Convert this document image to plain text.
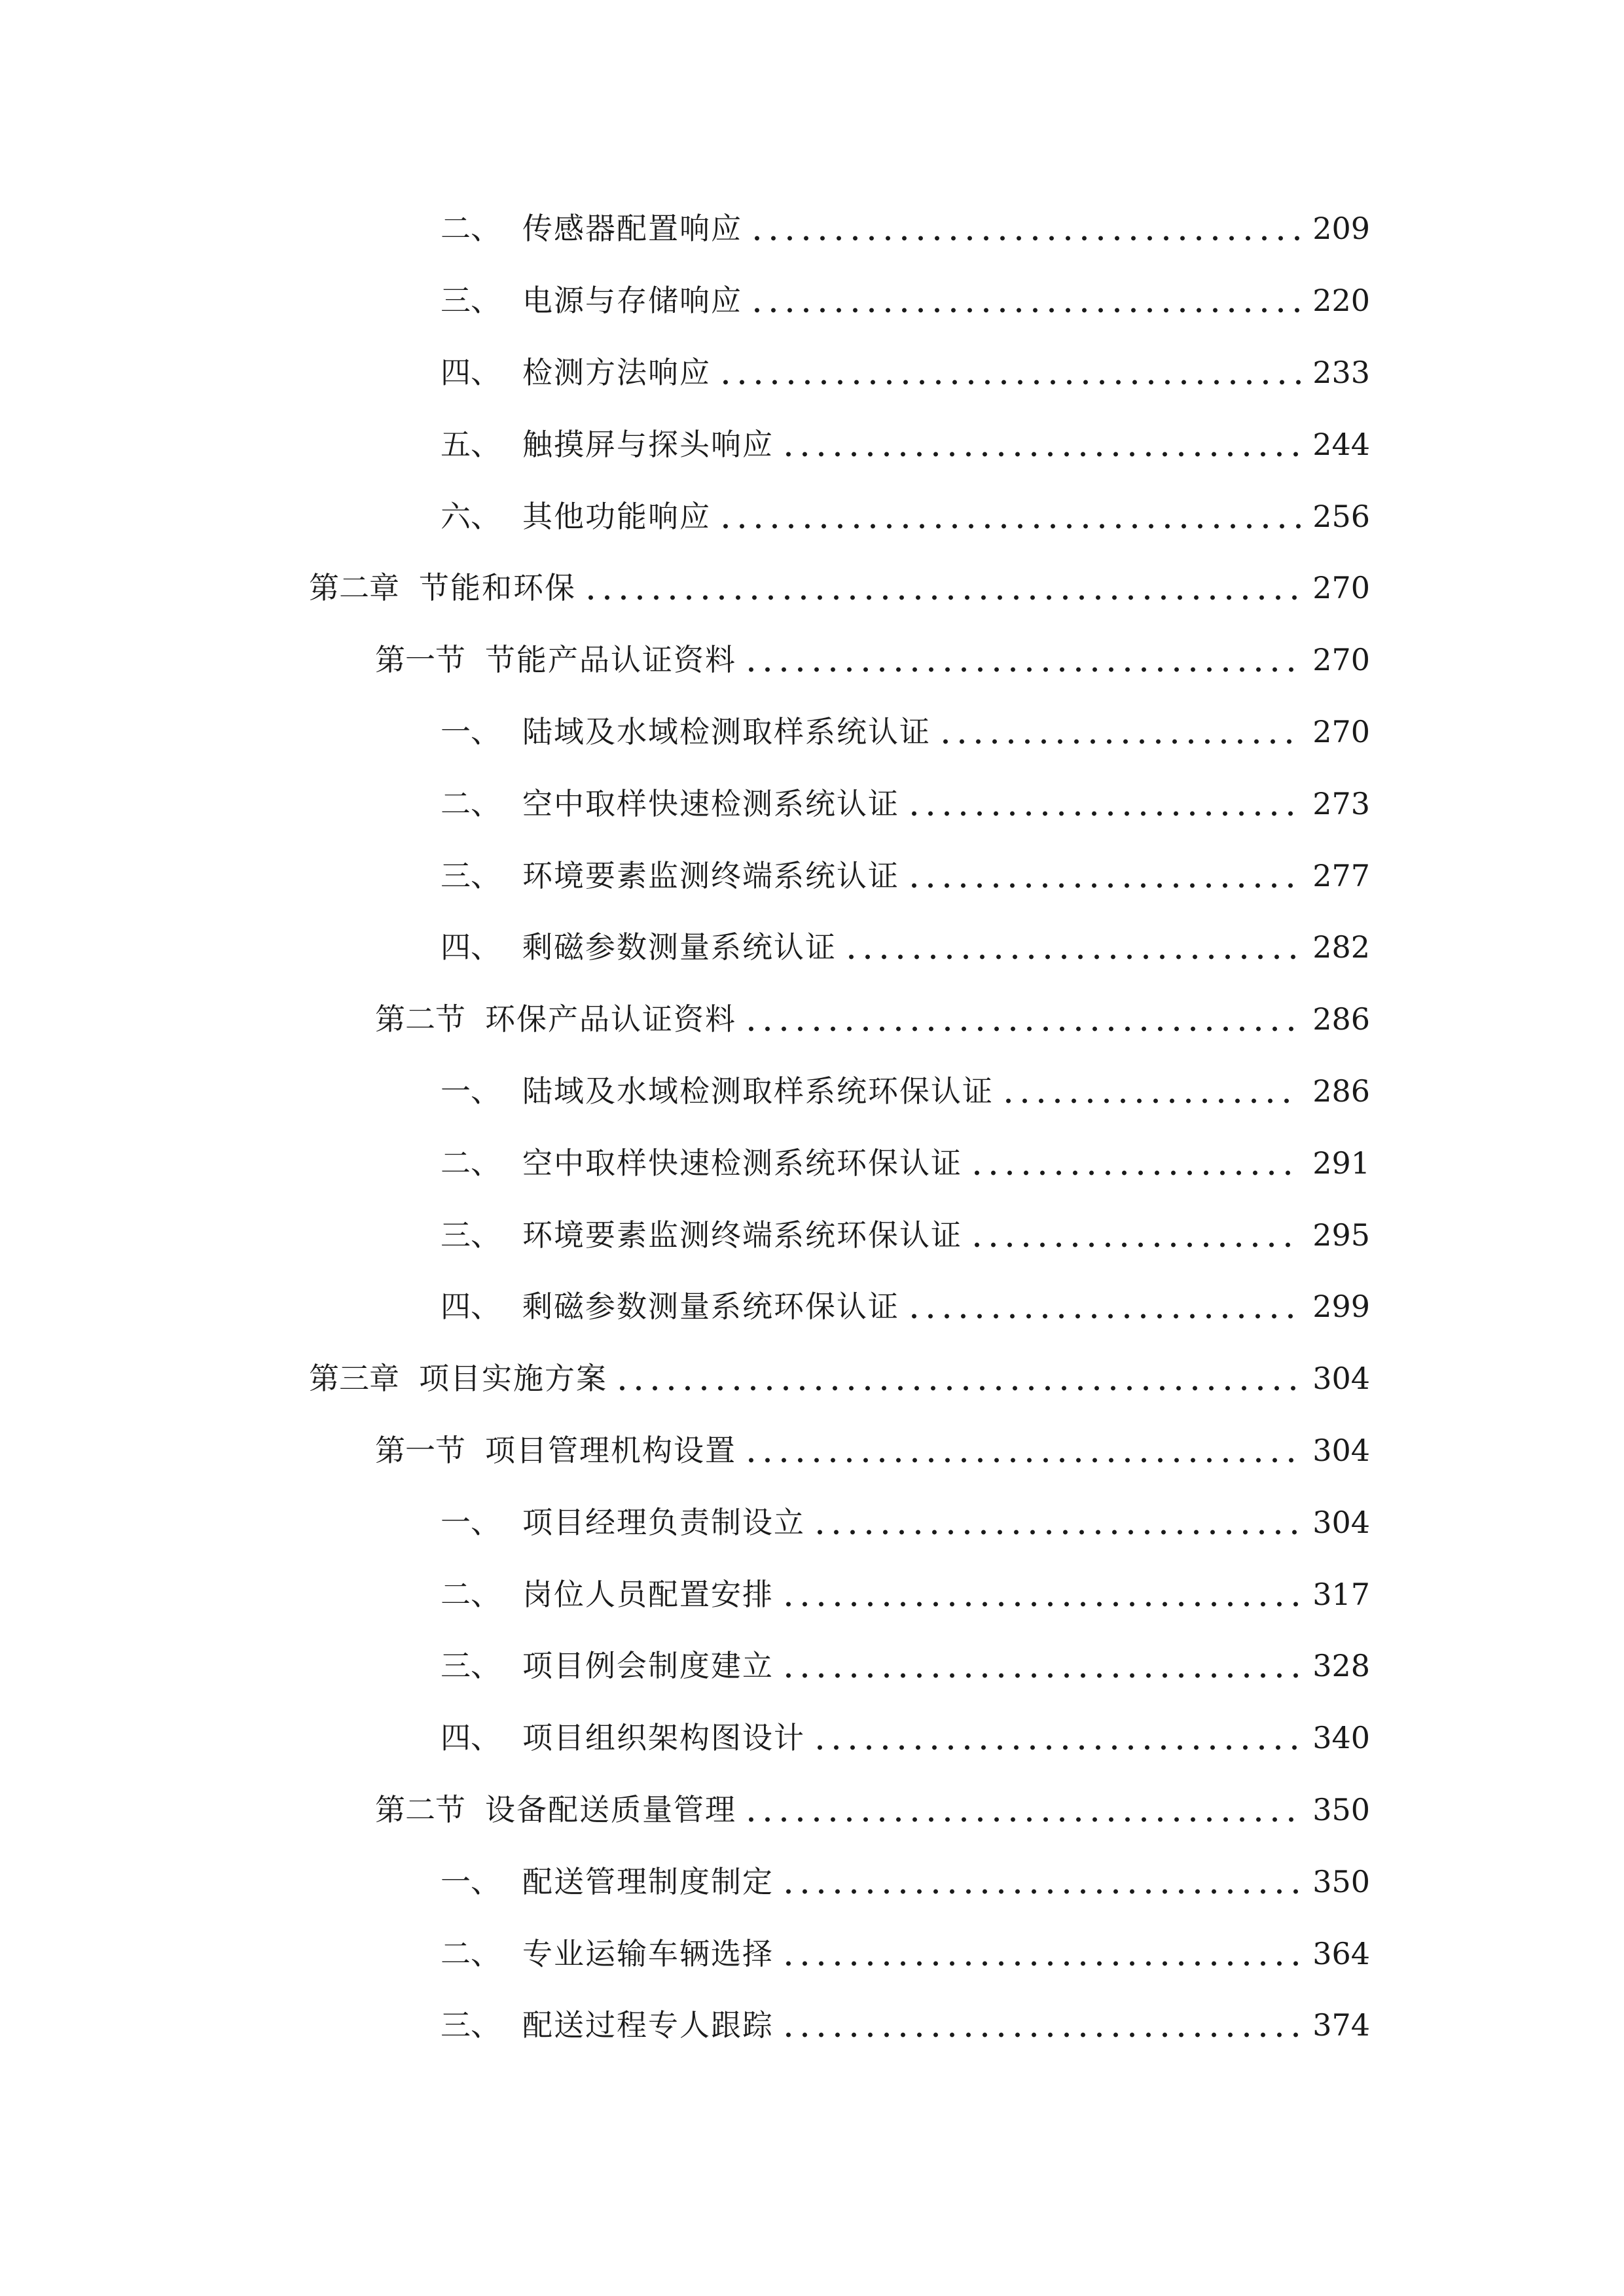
二、 传感器配置响应	209
三、 电源与存储响应	220
四、 检测方法响应	233
五、 触摸屏与探头响应	244
六、 其他功能响应	256
第二章 节能和环保	270
第一节 节能产品认证资料	270
一、 陆域及水域检测取样系统认证	270
二、 空中取样快速检测系统认证	273
三、 环境要素监测终端系统认证	277
四、 剩磁参数测量系统认证	282
第二节 环保产品认证资料	286
一、 陆域及水域检测取样系统环保认证	286
二、 空中取样快速检测系统环保认证	291
三、 环境要素监测终端系统环保认证	295
四、 剩磁参数测量系统环保认证	299
第三章 项目实施方案	304
第一节 项目管理机构设置	304
一、 项目经理负责制设立	304
二、 岗位人员配置安排	317
三、 项目例会制度建立	328
四、 项目组织架构图设计	340
第二节 设备配送质量管理	350
一、 配送管理制度制定	350
二、 专业运输车辆选择	364
三、 配送过程专人跟踪	374
